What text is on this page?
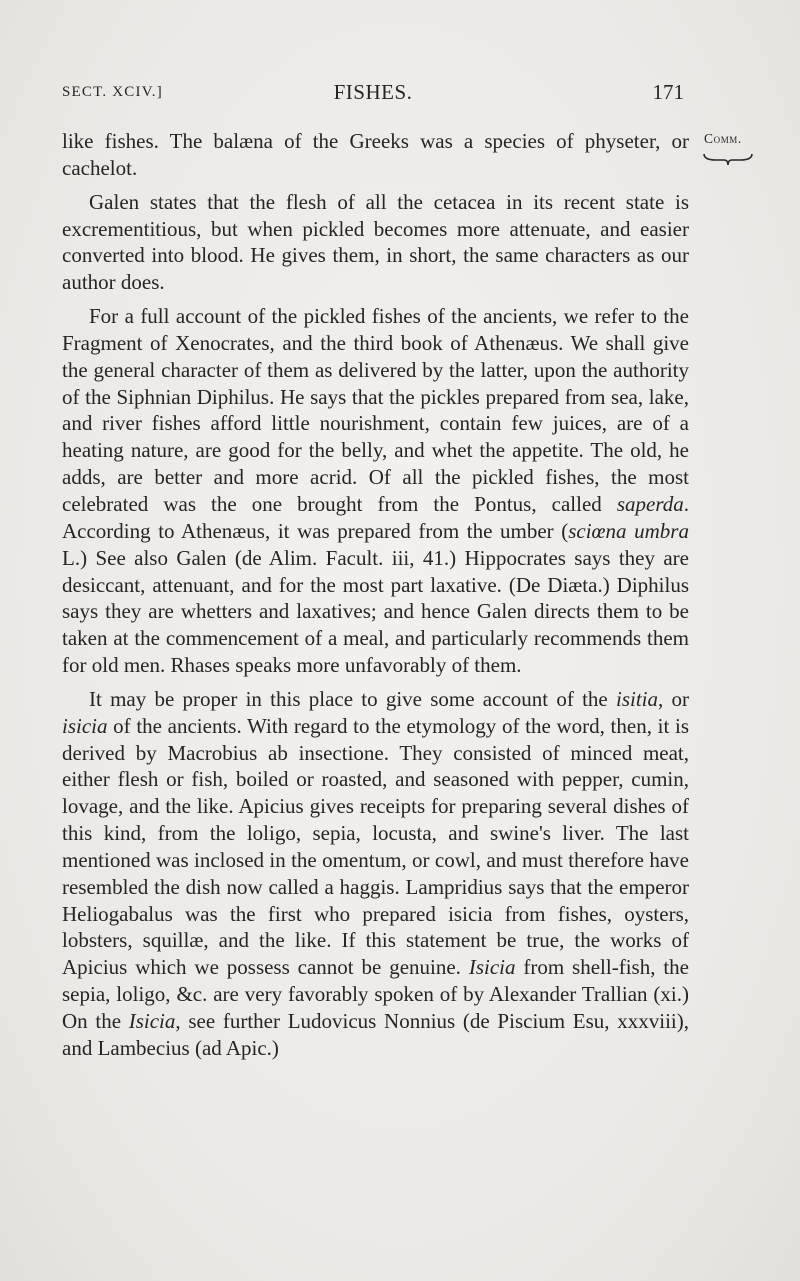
SECT. XCIV.]	FISHES.	171
Comm.

like fishes. The balæna of the Greeks was a species of physeter, or cachelot.

Galen states that the flesh of all the cetacea in its recent state is excrementitious, but when pickled becomes more attenuate, and easier converted into blood. He gives them, in short, the same characters as our author does.

For a full account of the pickled fishes of the ancients, we refer to the Fragment of Xenocrates, and the third book of Athenæus. We shall give the general character of them as delivered by the latter, upon the authority of the Siphnian Diphilus. He says that the pickles prepared from sea, lake, and river fishes afford little nourishment, contain few juices, are of a heating nature, are good for the belly, and whet the appetite. The old, he adds, are better and more acrid. Of all the pickled fishes, the most celebrated was the one brought from the Pontus, called saperda. According to Athenæus, it was prepared from the umber (sciœna umbra L.) See also Galen (de Alim. Facult. iii, 41.) Hippocrates says they are desiccant, attenuant, and for the most part laxative. (De Diæta.) Diphilus says they are whetters and laxatives; and hence Galen directs them to be taken at the commencement of a meal, and particularly recommends them for old men. Rhases speaks more unfavorably of them.

It may be proper in this place to give some account of the isitia, or isicia of the ancients. With regard to the etymology of the word, then, it is derived by Macrobius ab insectione. They consisted of minced meat, either flesh or fish, boiled or roasted, and seasoned with pepper, cumin, lovage, and the like. Apicius gives receipts for preparing several dishes of this kind, from the loligo, sepia, locusta, and swine's liver. The last mentioned was inclosed in the omentum, or cowl, and must therefore have resembled the dish now called a haggis. Lampridius says that the emperor Heliogabalus was the first who prepared isicia from fishes, oysters, lobsters, squillæ, and the like. If this statement be true, the works of Apicius which we possess cannot be genuine. Isicia from shell-fish, the sepia, loligo, &c. are very favorably spoken of by Alexander Trallian (xi.) On the Isicia, see further Ludovicus Nonnius (de Piscium Esu, xxxviii), and Lambecius (ad Apic.)
